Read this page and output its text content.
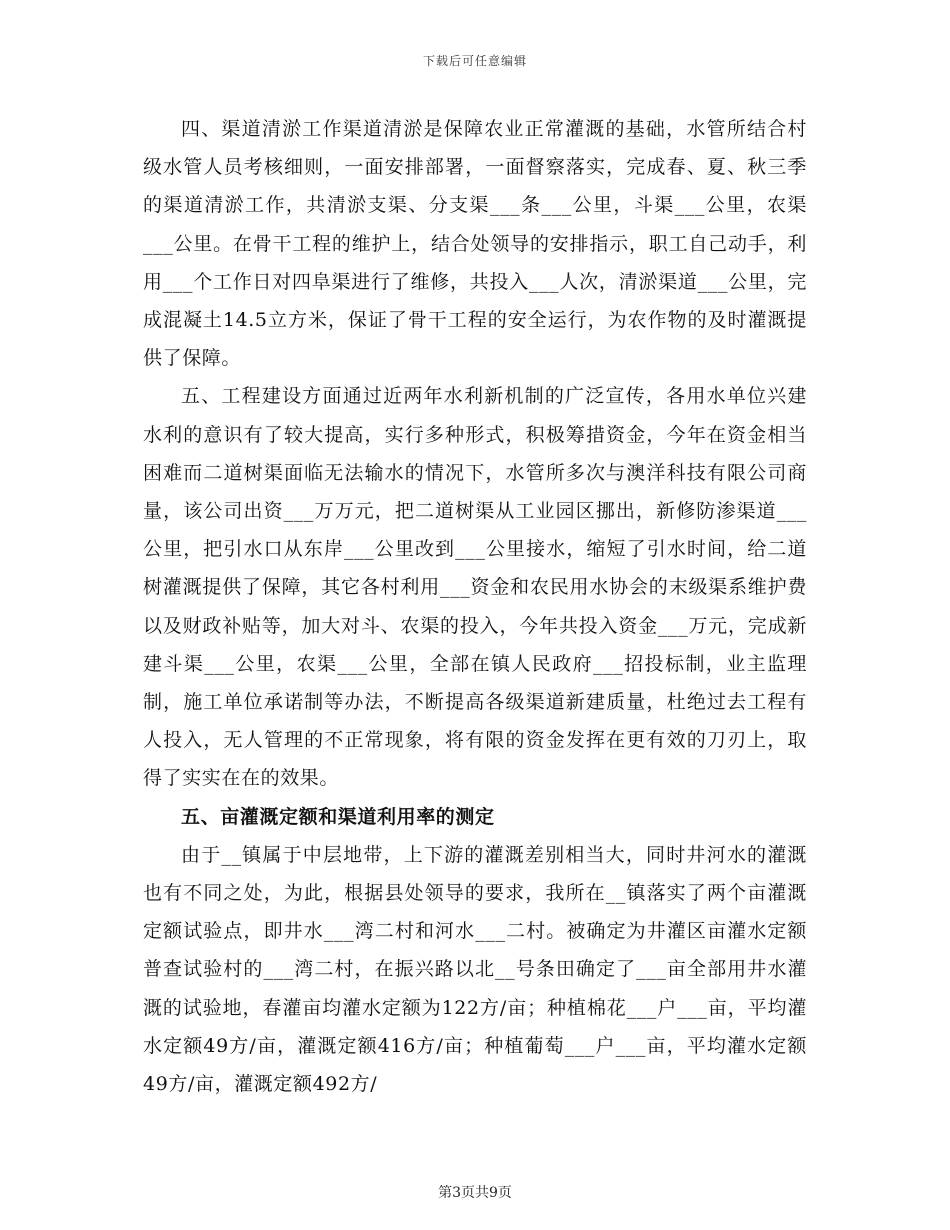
下载后可任意编辑

四、渠道清淤工作渠道清淤是保障农业正常灌溉的基础，水管所结合村级水管人员考核细则，一面安排部署，一面督察落实，完成春、夏、秋三季的渠道清淤工作，共清淤支渠、分支渠___条___公里，斗渠___公里，农渠___公里。在骨干工程的维护上，结合处领导的安排指示，职工自己动手，利用___个工作日对四阜渠进行了维修，共投入___人次，清淤渠道___公里，完成混凝土14.5立方米，保证了骨干工程的安全运行，为农作物的及时灌溉提供了保障。

五、工程建设方面通过近两年水利新机制的广泛宣传，各用水单位兴建水利的意识有了较大提高，实行多种形式，积极筹措资金，今年在资金相当困难而二道树渠面临无法输水的情况下，水管所多次与澳洋科技有限公司商量，该公司出资___万万元，把二道树渠从工业园区挪出，新修防渗渠道___公里，把引水口从东岸___公里改到___公里接水，缩短了引水时间，给二道树灌溉提供了保障，其它各村利用___资金和农民用水协会的末级渠系维护费以及财政补贴等，加大对斗、农渠的投入，今年共投入资金___万元，完成新建斗渠___公里，农渠___公里，全部在镇人民政府___招投标制，业主监理制，施工单位承诺制等办法，不断提高各级渠道新建质量，杜绝过去工程有人投入，无人管理的不正常现象，将有限的资金发挥在更有效的刀刃上，取得了实实在在的效果。

五、亩灌溉定额和渠道利用率的测定

由于__镇属于中层地带，上下游的灌溉差别相当大，同时井河水的灌溉也有不同之处，为此，根据县处领导的要求，我所在__镇落实了两个亩灌溉定额试验点，即井水___湾二村和河水___二村。被确定为井灌区亩灌水定额普查试验村的___湾二村，在振兴路以北__号条田确定了___亩全部用井水灌溉的试验地，春灌亩均灌水定额为122方/亩；种植棉花___户___亩，平均灌水定额49方/亩，灌溉定额416方/亩；种植葡萄___户___亩，平均灌水定额49方/亩，灌溉定额492方/

第3页共9页
